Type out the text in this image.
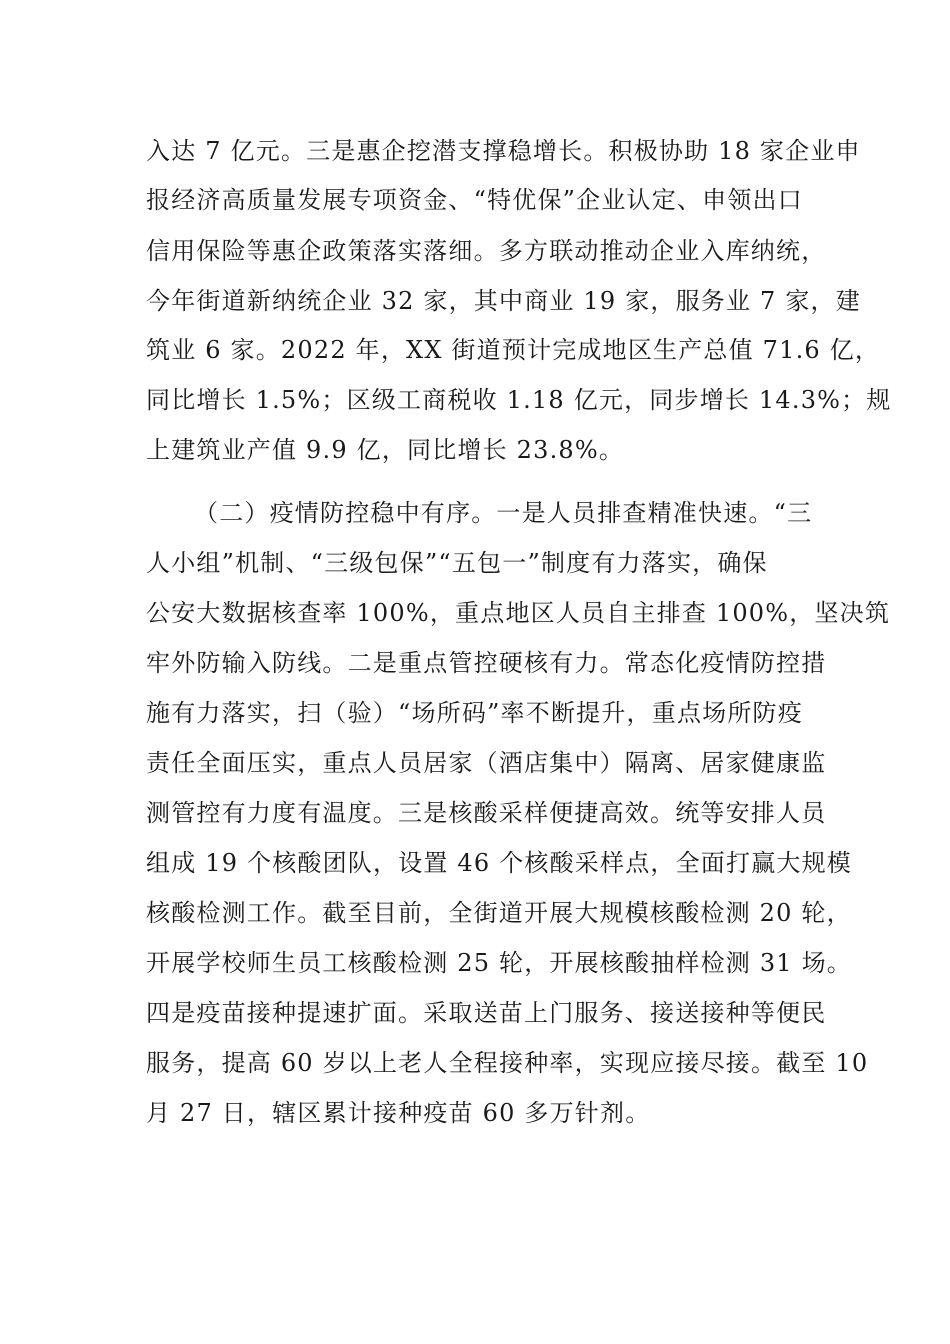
入达 7 亿元。三是惠企挖潜支撑稳增长。积极协助 18 家企业申
报经济高质量发展专项资金、“特优保”企业认定、申领出口
信用保险等惠企政策落实落细。多方联动推动企业入库纳统，
今年街道新纳统企业 32 家，其中商业 19 家，服务业 7 家，建
筑业 6 家。2022 年，XX 街道预计完成地区生产总值 71.6 亿，
同比增长 1.5%；区级工商税收 1.18 亿元，同步增长 14.3%；规
上建筑业产值 9.9 亿，同比增长 23.8%。
（二）疫情防控稳中有序。一是人员排查精准快速。“三
人小组”机制、“三级包保”“五包一”制度有力落实，确保
公安大数据核查率 100%，重点地区人员自主排查 100%，坚决筑
牢外防输入防线。二是重点管控硬核有力。常态化疫情防控措
施有力落实，扫（验）“场所码”率不断提升，重点场所防疫
责任全面压实，重点人员居家（酒店集中）隔离、居家健康监
测管控有力度有温度。三是核酸采样便捷高效。统等安排人员
组成 19 个核酸团队，设置 46 个核酸采样点，全面打赢大规模
核酸检测工作。截至目前，全街道开展大规模核酸检测 20 轮，
开展学校师生员工核酸检测 25 轮，开展核酸抽样检测 31 场。
四是疫苗接种提速扩面。采取送苗上门服务、接送接种等便民
服务，提高 60 岁以上老人全程接种率，实现应接尽接。截至 10
月 27 日，辖区累计接种疫苗 60 多万针剂。
